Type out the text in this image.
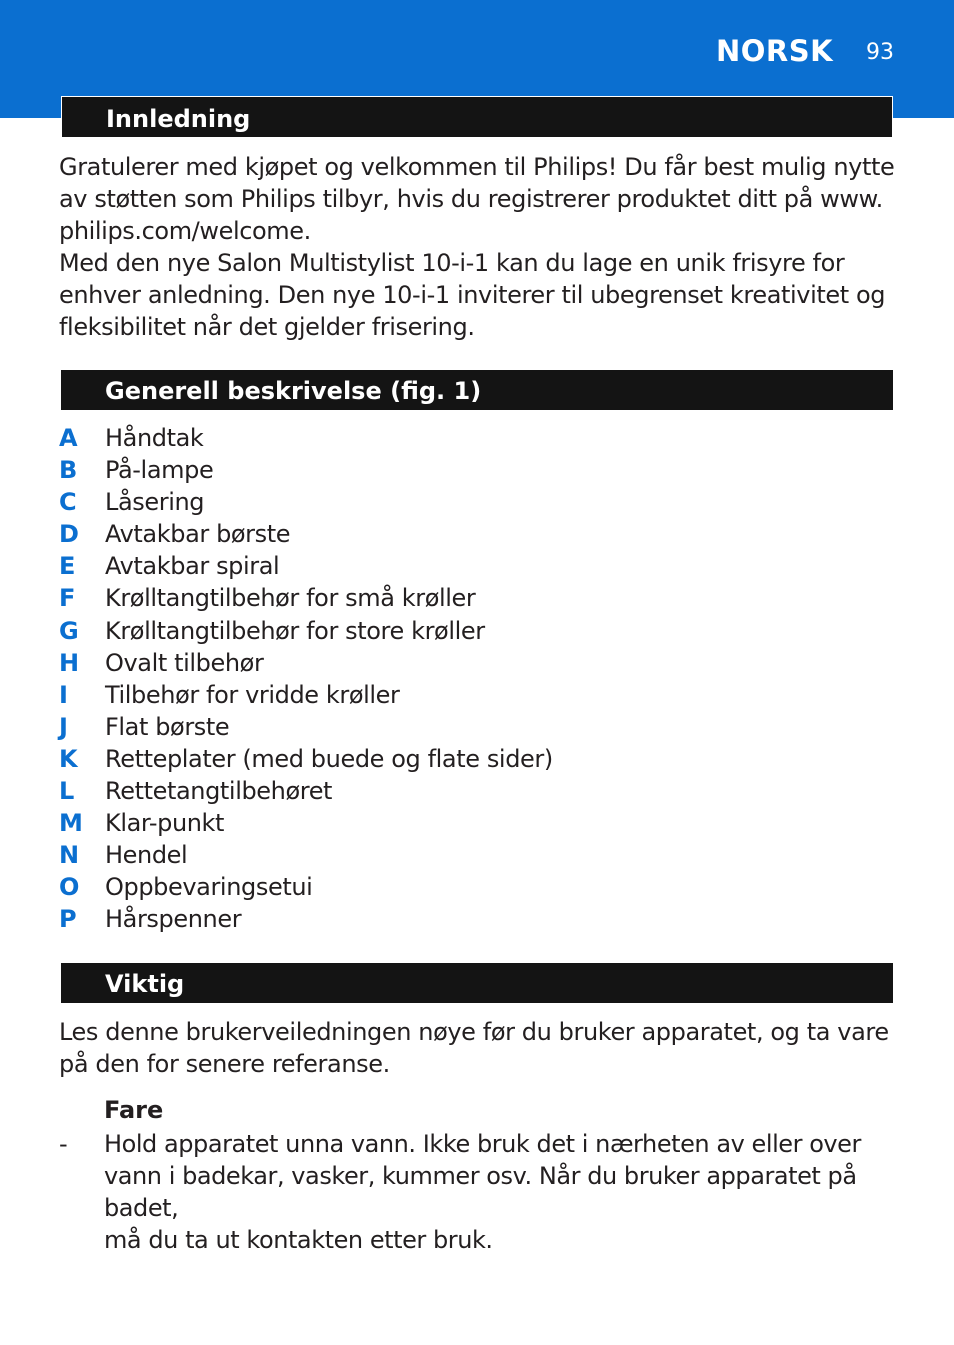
NORSK 93
Innledning

Gratulerer med kjøpet og velkommen til Philips! Du får best mulig nytte
av støtten som Philips tilbyr, hvis du registrerer produktet ditt på www.
philips.com/welcome.
Med den nye Salon Multistylist 10-i-1 kan du lage en unik frisyre for
enhver anledning. Den nye 10-i-1 inviterer til ubegrenset kreativitet og
fleksibilitet når det gjelder frisering.

Generell beskrivelse (fig. 1)
A Håndtak
B På-lampe
C Låsering
D Avtakbar børste
E Avtakbar spiral
F Krølltangtilbehør for små krøller
G Krølltangtilbehør for store krøller
H Ovalt tilbehør
I Tilbehør for vridde krøller
J Flat børste
K Retteplater (med buede og flate sider)
L Rettetangtilbehøret
M Klar-punkt
N Hendel
O Oppbevaringsetui
P Hårspenner
Viktig

Les denne brukerveiledningen nøye før du bruker apparatet, og ta vare
på den for senere referanse.

Fare
- Hold apparatet unna vann. Ikke bruk det i nærheten av eller over
vann i badekar, vasker, kummer osv. Når du bruker apparatet på badet,
må du ta ut kontakten etter bruk.
